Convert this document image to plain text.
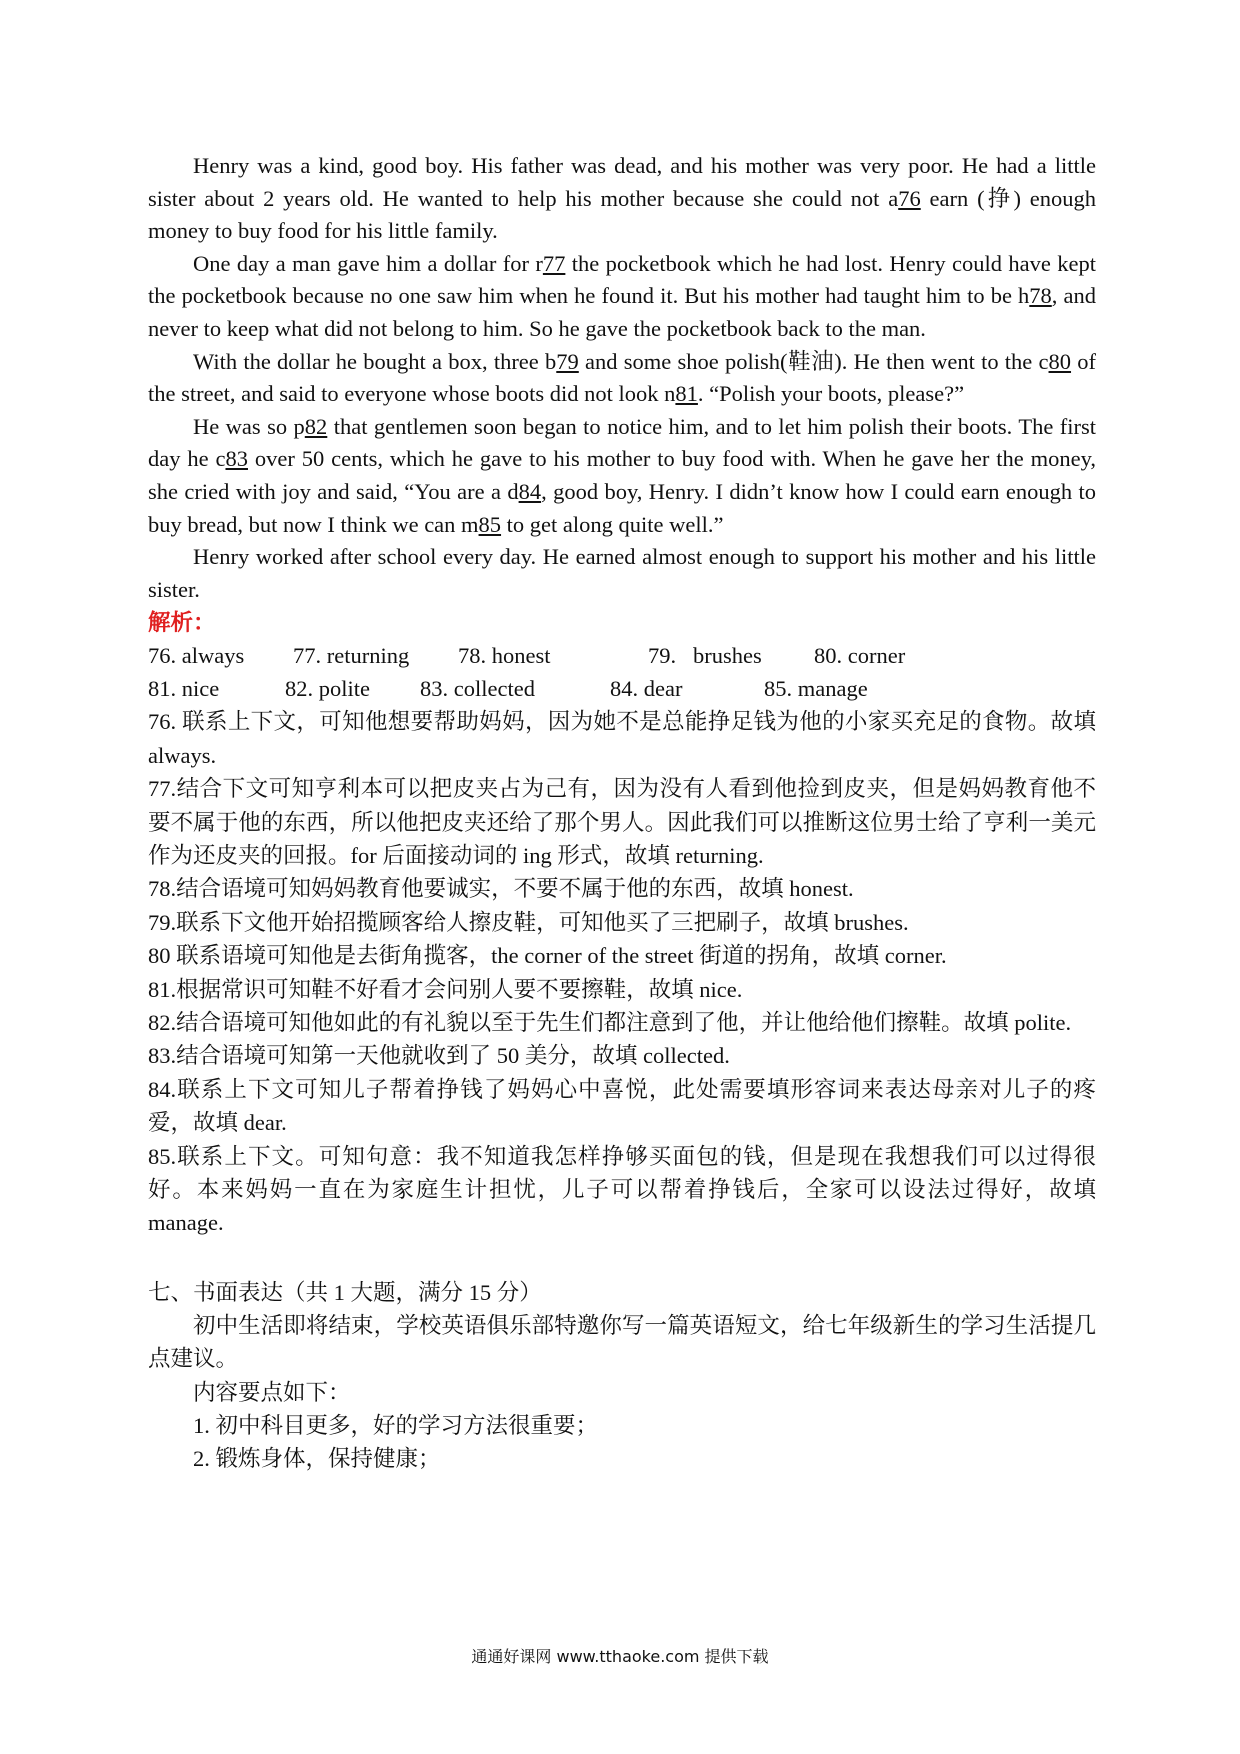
Henry was a kind, good boy. His father was dead, and his mother was very poor. He had a little sister about 2 years old. He wanted to help his mother because she could not a76 earn (挣) enough money to buy food for his little family.

One day a man gave him a dollar for r77 the pocketbook which he had lost. Henry could have kept the pocketbook because no one saw him when he found it. But his mother had taught him to be h78, and never to keep what did not belong to him. So he gave the pocketbook back to the man.

With the dollar he bought a box, three b79 and some shoe polish(鞋油). He then went to the c80 of the street, and said to everyone whose boots did not look n81. “Polish your boots, please?”

He was so p82 that gentlemen soon began to notice him, and to let him polish their boots. The first day he c83 over 50 cents, which he gave to his mother to buy food with. When he gave her the money, she cried with joy and said, “You are a d84, good boy, Henry. I didn’t know how I could earn enough to buy bread, but now I think we can m85 to get along quite well.”

Henry worked after school every day. He earned almost enough to support his mother and his little sister.

解析：
76. always	77. returning	78. honest	79.   brushes	80. corner
81. nice	82. polite	83. collected	84. dear	85. manage

76. 联系上下文，可知他想要帮助妈妈，因为她不是总能挣足钱为他的小家买充足的食物。故填 always.

77.结合下文可知亨利本可以把皮夹占为己有，因为没有人看到他捡到皮夹，但是妈妈教育他不要不属于他的东西，所以他把皮夹还给了那个男人。因此我们可以推断这位男士给了亨利一美元作为还皮夹的回报。for 后面接动词的 ing 形式，故填 returning.

78.结合语境可知妈妈教育他要诚实，不要不属于他的东西，故填 honest.

79.联系下文他开始招揽顾客给人擦皮鞋，可知他买了三把刷子，故填 brushes.

80 联系语境可知他是去街角揽客，the corner of the street 街道的拐角，故填 corner.

81.根据常识可知鞋不好看才会问别人要不要擦鞋，故填 nice.

82.结合语境可知他如此的有礼貌以至于先生们都注意到了他，并让他给他们擦鞋。故填 polite.

83.结合语境可知第一天他就收到了 50 美分，故填 collected.

84.联系上下文可知儿子帮着挣钱了妈妈心中喜悦，此处需要填形容词来表达母亲对儿子的疼爱，故填 dear.

85.联系上下文。可知句意：我不知道我怎样挣够买面包的钱，但是现在我想我们可以过得很好。本来妈妈一直在为家庭生计担忧，儿子可以帮着挣钱后，全家可以设法过得好，故填 manage.

七、书面表达（共 1 大题，满分 15 分）

初中生活即将结束，学校英语俱乐部特邀你写一篇英语短文，给七年级新生的学习生活提几点建议。

内容要点如下：

1. 初中科目更多，好的学习方法很重要；

2. 锻炼身体，保持健康；

通通好课网 www.tthaoke.com 提供下载
